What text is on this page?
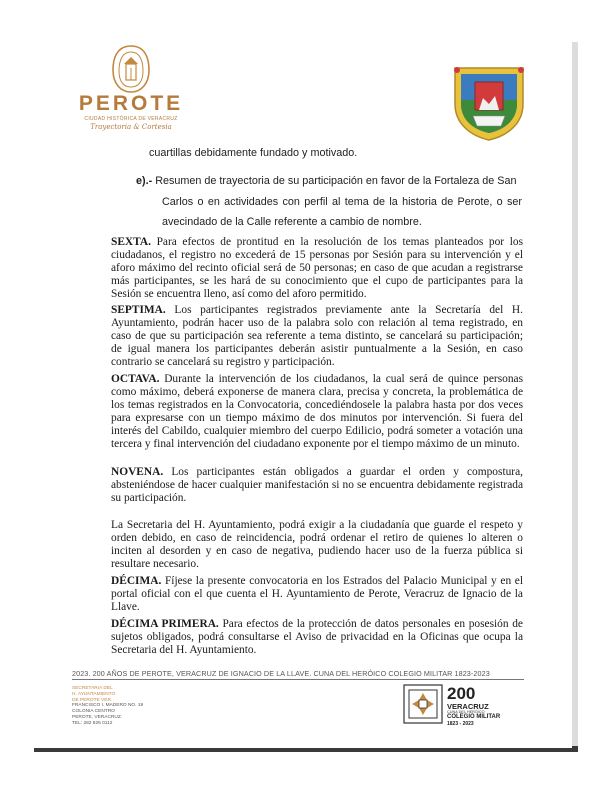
PEROTE
CIUDAD HISTÓRICA DE VERACRUZ
Trayectoria & Cortesia
cuartillas debidamente fundado y motivado.
e).- Resumen de trayectoria de su participación en favor de la Fortaleza de San
Carlos o en actividades con perfil al tema de la historia de Perote, o ser
avecindado de la Calle referente a cambio de nombre.
SEXTA. Para efectos de prontitud en la resolución de los temas planteados por los ciudadanos, el registro no excederá de 15 personas por Sesión para su intervención y el aforo máximo del recinto oficial será de 50 personas; en caso de que acudan a registrarse más participantes, se les hará de su conocimiento que el cupo de participantes para la Sesión se encuentra lleno, así como del aforo permitido.
SEPTIMA. Los participantes registrados previamente ante la Secretaría del H. Ayuntamiento, podrán hacer uso de la palabra solo con relación al tema registrado, en caso de que su participación sea referente a tema distinto, se cancelará su participación; de igual manera los participantes deberán asistir puntualmente a la Sesión, en caso contrario se cancelará su registro y participación.
OCTAVA. Durante la intervención de los ciudadanos, la cual será de quince personas como máximo, deberá exponerse de manera clara, precisa y concreta, la problemática de los temas registrados en la Convocatoria, concediéndosele la palabra hasta por dos veces para expresarse con un tiempo máximo de dos minutos por intervención. Si fuera del interés del Cabildo, cualquier miembro del cuerpo Edilicio, podrá someter a votación una tercera y final intervención del ciudadano exponente por el tiempo máximo de un minuto.
NOVENA. Los participantes están obligados a guardar el orden y compostura, absteniéndose de hacer cualquier manifestación si no se encuentra debidamente registrada su participación.
La Secretaria del H. Ayuntamiento, podrá exigir a la ciudadanía que guarde el respeto y orden debido, en caso de reincidencia, podrá ordenar el retiro de quienes lo alteren o inciten al desorden y en caso de negativa, pudiendo hacer uso de la fuerza pública si resultare necesario.
DÉCIMA. Fíjese la presente convocatoria en los Estrados del Palacio Municipal y en el portal oficial con el que cuenta el H. Ayuntamiento de Perote, Veracruz de Ignacio de la Llave.
DÉCIMA PRIMERA. Para efectos de la protección de datos personales en posesión de sujetos obligados, podrá consultarse el Aviso de privacidad en la Oficinas que ocupa la Secretaria del H. Ayuntamiento.
2023. 200 AÑOS DE PEROTE, VERACRUZ DE IGNACIO DE LA LLAVE. CUNA DEL HERÓICO COLEGIO MILITAR 1823-2023
SECRETARIA DEL
H. AYUNTAMIENTO
DE PEROTE VER.
FRANCISCO I. MADERO NO. 19
COLONIA CENTRO
PEROTE, VERACRUZ.
TEL: 282 825 0112
200
VERACRUZ
CUNA DEL HERÓICO
COLEGIO MILITAR
1823 - 2023
